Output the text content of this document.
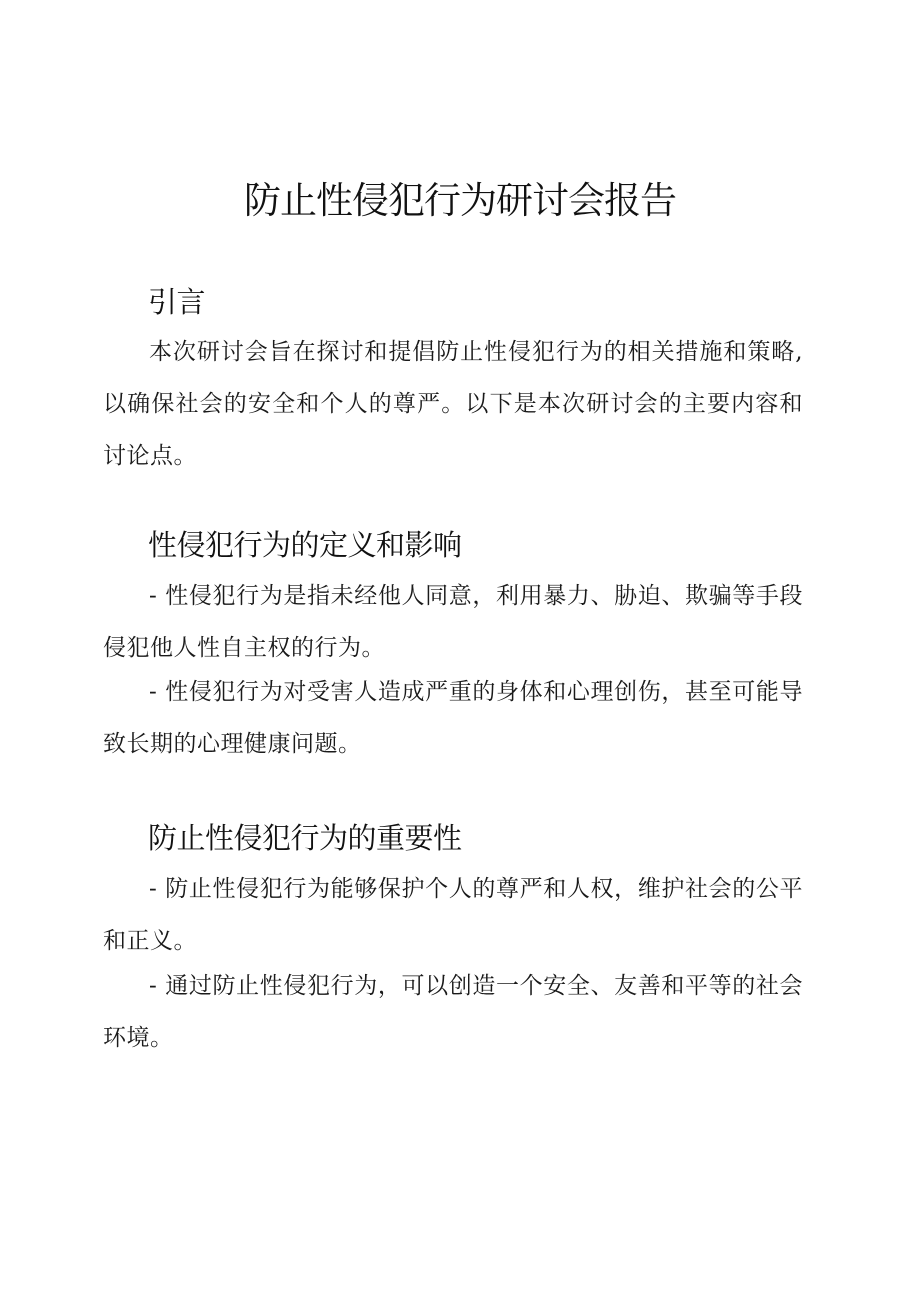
防止性侵犯行为研讨会报告
引言

本次研讨会旨在探讨和提倡防止性侵犯行为的相关措施和策略,以确保社会的安全和个人的尊严。以下是本次研讨会的主要内容和讨论点。

性侵犯行为的定义和影响

- 性侵犯行为是指未经他人同意，利用暴力、胁迫、欺骗等手段侵犯他人性自主权的行为。

- 性侵犯行为对受害人造成严重的身体和心理创伤，甚至可能导致长期的心理健康问题。

防止性侵犯行为的重要性

- 防止性侵犯行为能够保护个人的尊严和人权，维护社会的公平和正义。

- 通过防止性侵犯行为，可以创造一个安全、友善和平等的社会环境。
